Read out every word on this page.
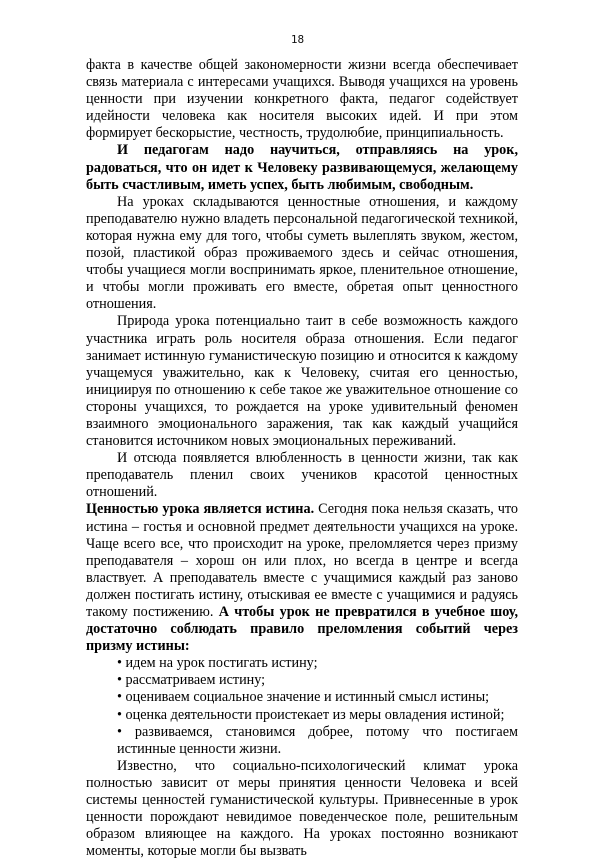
18

факта в качестве общей закономерности жизни всегда обеспечивает связь материала с интересами учащихся. Выводя учащихся на уровень ценности при изучении конкретного факта, педагог содействует идейности человека как носителя высоких идей. И при этом формирует бескорыстие, честность, трудолюбие, принципиальность.

И педагогам надо научиться, отправляясь на урок, радоваться, что он идет к Человеку развивающемуся, желающему быть счастливым, иметь успех, быть любимым, свободным.

На уроках складываются ценностные отношения, и каждому преподавателю нужно владеть персональной педагогической техникой, которая нужна ему для того, чтобы суметь вылеплять звуком, жестом, позой, пластикой образ проживаемого здесь и сейчас отношения, чтобы учащиеся могли воспринимать яркое, пленительное отношение, и чтобы могли проживать его вместе, обретая опыт ценностного отношения.

Природа урока потенциально таит в себе возможность каждого участника играть роль носителя образа отношения. Если педагог занимает истинную гуманистическую позицию и относится к каждому учащемуся уважительно, как к Человеку, считая его ценностью, инициируя по отношению к себе такое же уважительное отношение со стороны учащихся, то рождается на уроке удивительный феномен взаимного эмоционального заражения, так как каждый учащийся становится источником новых эмоциональных переживаний.

И отсюда появляется влюбленность в ценности жизни, так как преподаватель пленил своих учеников красотой ценностных отношений.

Ценностью урока является истина. Сегодня пока нельзя сказать, что истина – гостья и основной предмет деятельности учащихся на уроке. Чаще всего все, что происходит на уроке, преломляется через призму преподавателя – хорош он или плох, но всегда в центре и всегда властвует. А преподаватель вместе с учащимися каждый раз заново должен постигать истину, отыскивая ее вместе с учащимися и радуясь такому постижению. А чтобы урок не превратился в учебное шоу, достаточно соблюдать правило преломления событий через призму истины:

• идем на урок постигать истину;

• рассматриваем истину;

• оцениваем социальное значение и истинный смысл истины;

• оценка деятельности проистекает из меры овладения истиной;

• развиваемся, становимся добрее, потому что постигаем истинные ценности жизни.

Известно, что социально-психологический климат урока полностью зависит от меры принятия ценности Человека и всей системы ценностей гуманистической культуры. Привнесенные в урок ценности порождают невидимое поведенческое поле, решительным образом влияющее на каждого. На уроках постоянно возникают моменты, которые могли бы вызвать
